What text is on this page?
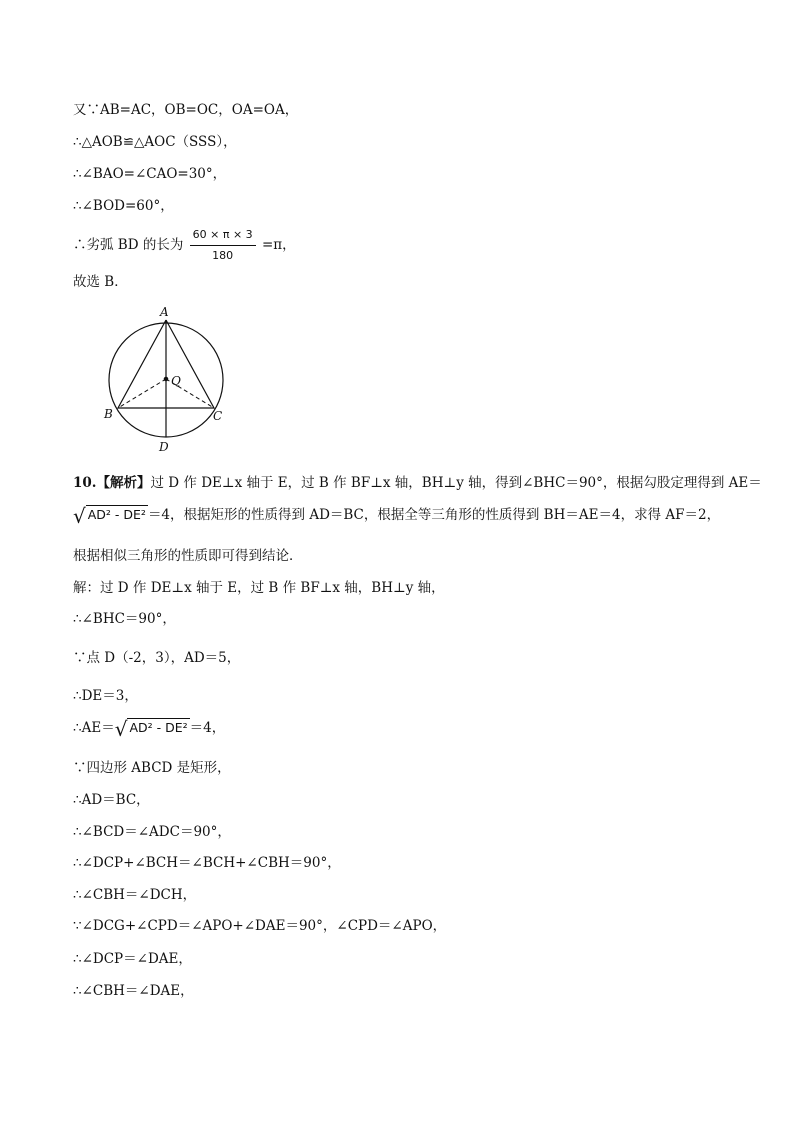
又∵AB=AC，OB=OC，OA=OA，
∴△AOB≌△AOC（SSS），
∴∠BAO=∠CAO=30°，
∴∠BOD=60°，
∴劣弧 BD 的长为 $\frac{60 \times \pi \times 3}{180} =\pi$，
故选 B．
A
B	C
D
Q
10.【解析】过 D 作 DE⊥x 轴于 E，过 B 作 BF⊥x 轴，BH⊥y 轴，得到∠BHC＝90°，根据勾股定理得到 AE＝
√ AD² - DE² ＝4，根据矩形的性质得到 AD＝BC，根据全等三角形的性质得到 BH＝AE＝4，求得 AF＝2，
根据相似三角形的性质即可得到结论．
解：过 D 作 DE⊥x 轴于 E，过 B 作 BF⊥x 轴，BH⊥y 轴，
∴∠BHC＝90°，
∵点 D（-2，3），AD＝5，
∴DE＝3，
∴AE＝√ AD² - DE² ＝4，
∵四边形 ABCD 是矩形，
∴AD＝BC，
∴∠BCD＝∠ADC＝90°，
∴∠DCP+∠BCH＝∠BCH+∠CBH＝90°，
∴∠CBH＝∠DCH，
∵∠DCG+∠CPD＝∠APO+∠DAE＝90°，∠CPD＝∠APO，
∴∠DCP＝∠DAE，
∴∠CBH＝∠DAE，
